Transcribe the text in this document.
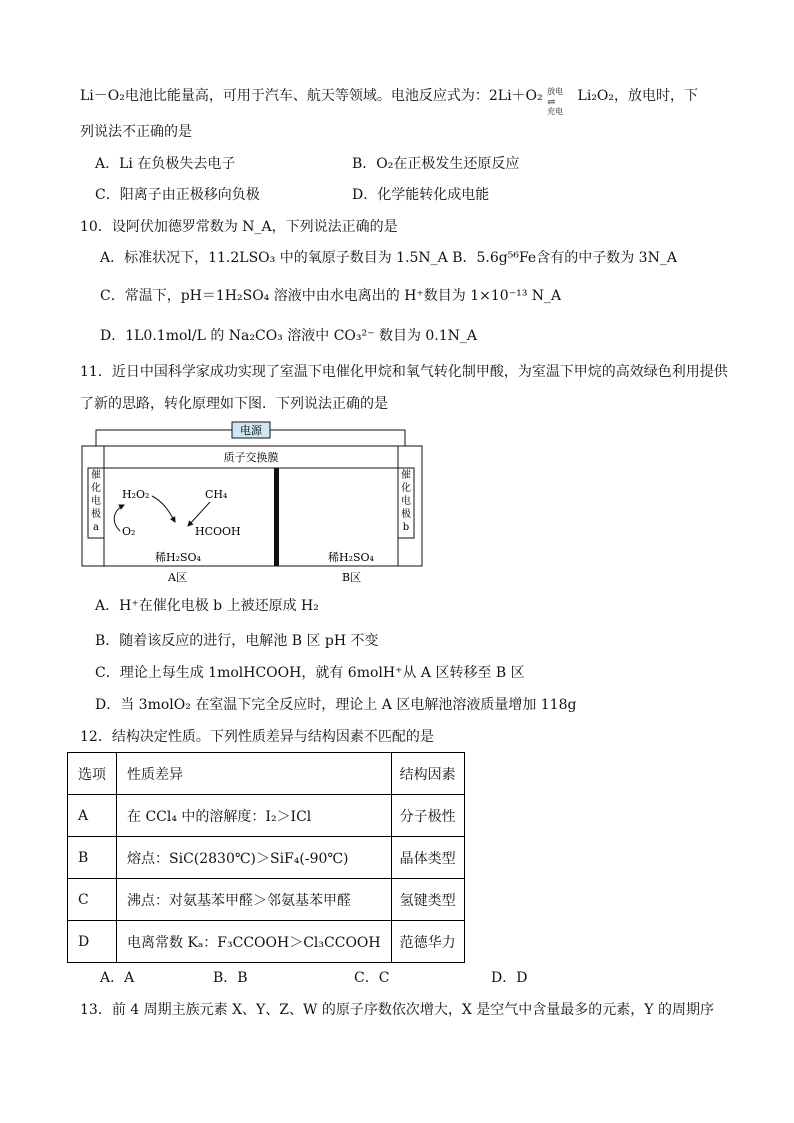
Li－O₂电池比能量高，可用于汽车、航天等领域。电池反应式为：2Li＋O₂ 放电
⇌
充电
Li₂O₂，放电时，下
列说法不正确的是
A．Li 在负极失去电子	B．O₂在正极发生还原反应
C．阳离子由正极移向负极	D．化学能转化成电能
10．设阿伏加德罗常数为 N_A，下列说法正确的是
A．标准状况下，11.2LSO₃ 中的氧原子数目为 1.5N_A B．5.6g⁵⁶Fe含有的中子数为 3N_A
C．常温下，pH＝1H₂SO₄ 溶液中由水电离出的 H⁺数目为 1×10⁻¹³ N_A
D．1L0.1mol/L 的 Na₂CO₃ 溶液中 CO₃²⁻ 数目为 0.1N_A
11．近日中国科学家成功实现了室温下电催化甲烷和氧气转化制甲酸，为室温下甲烷的高效绿色利用提供
了新的思路，转化原理如下图．下列说法正确的是
电源
质子交换膜
催
化
电
极
a
催
化
电
极
b
H₂O₂	CH₄
O₂	HCOOH
稀H₂SO₄	稀H₂SO₄
A区	B区
A．H⁺在催化电极 b 上被还原成 H₂
B．随着该反应的进行，电解池 B 区 pH 不变
C．理论上每生成 1molHCOOH，就有 6molH⁺从 A 区转移至 B 区
D．当 3molO₂ 在室温下完全反应时，理论上 A 区电解池溶液质量增加 118g
12．结构决定性质。下列性质差异与结构因素不匹配的是
选项	性质差异	结构因素
A	在 CCl₄ 中的溶解度：I₂＞ICl	分子极性
B	熔点：SiC(2830℃)＞SiF₄(-90℃)	晶体类型
C	沸点：对氨基苯甲醛＞邻氨基苯甲醛	氢键类型
D	电离常数 Kₐ：F₃CCOOH＞Cl₃CCOOH	范德华力
A．A	B．B	C．C	D．D
13．前 4 周期主族元素 X、Y、Z、W 的原子序数依次增大，X 是空气中含量最多的元素，Y 的周期序
